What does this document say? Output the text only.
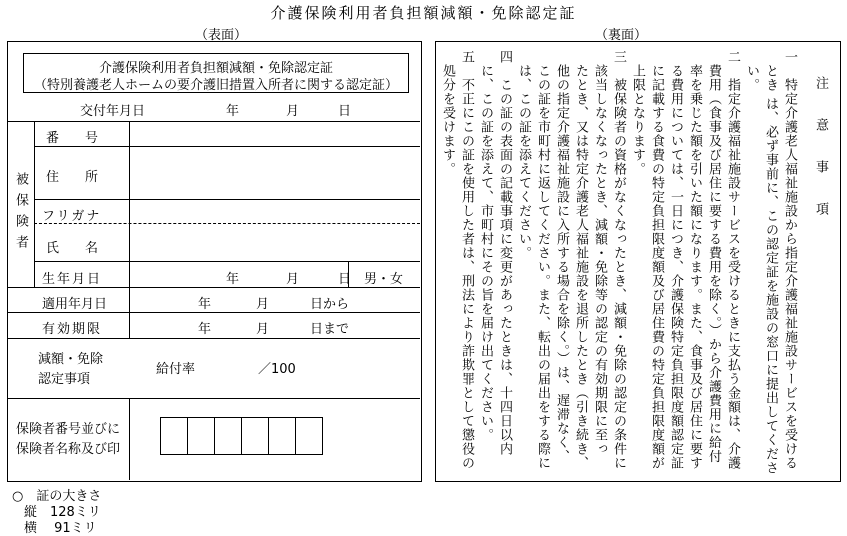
介護保険利用者負担額減額・免除認定証
（表面）	（裏面）
介護保険利用者負担額減額・免除認定証
（特別養護老人ホームの要介護旧措置入所者に関する認定証）
交付年月日	年	月	日
被保険者
番　　号
住　　所
フリガナ
氏　　名
生年月日	年	月	日 男・女
適用年月日	年	月	日から
有効期限	年	月	日まで
減額・免除
認定事項
給付率	／100
保険者番号並びに
保険者名称及び印
注　意　事　項
一　特定介護老人福祉施設から指定介護福祉施設サービスを受ける
　とき は、必ず事前に、この認定証を施設の窓口に提出してくださ
　い。
二　指定介護福祉施設サービスを受けるときに支払う金額は、介護
　費用（食事及び居住に要する費用を除く。）から介護費用に給付
　率を乗じた額を引いた額になります。また、食事及び居住に要す
　る費用については、一日につき、介護保険特定負担限度額認定証
　に記載する食費の特定負担限度額及び居住費の特定負担限度額が
　上限となります。
三　被保険者の資格がなくなったとき、減額・免除の認定の条件に
　該当しなくなったとき、減額・免除等の認定の有効期限に至っ
　たとき、又は特定介護老人福祉施設を退所したとき（引き続き、
　他の指定介護福祉施設に入所する場合を除く。）は、遅滞なく、
　この証を市町村に返してください。また、転出の届出をする際に
　は、この証を添えてください。
四　この証の表面の記載事項に変更があったときは、十四日以内
　に、この証を添えて、市町村にその旨を届け出てください。
五　不正にこの証を使用した者は、刑法により詐欺罪として懲役の
　処分を受けます。
○　証の大きさ
縦　128ミリ
横　 91ミリ
